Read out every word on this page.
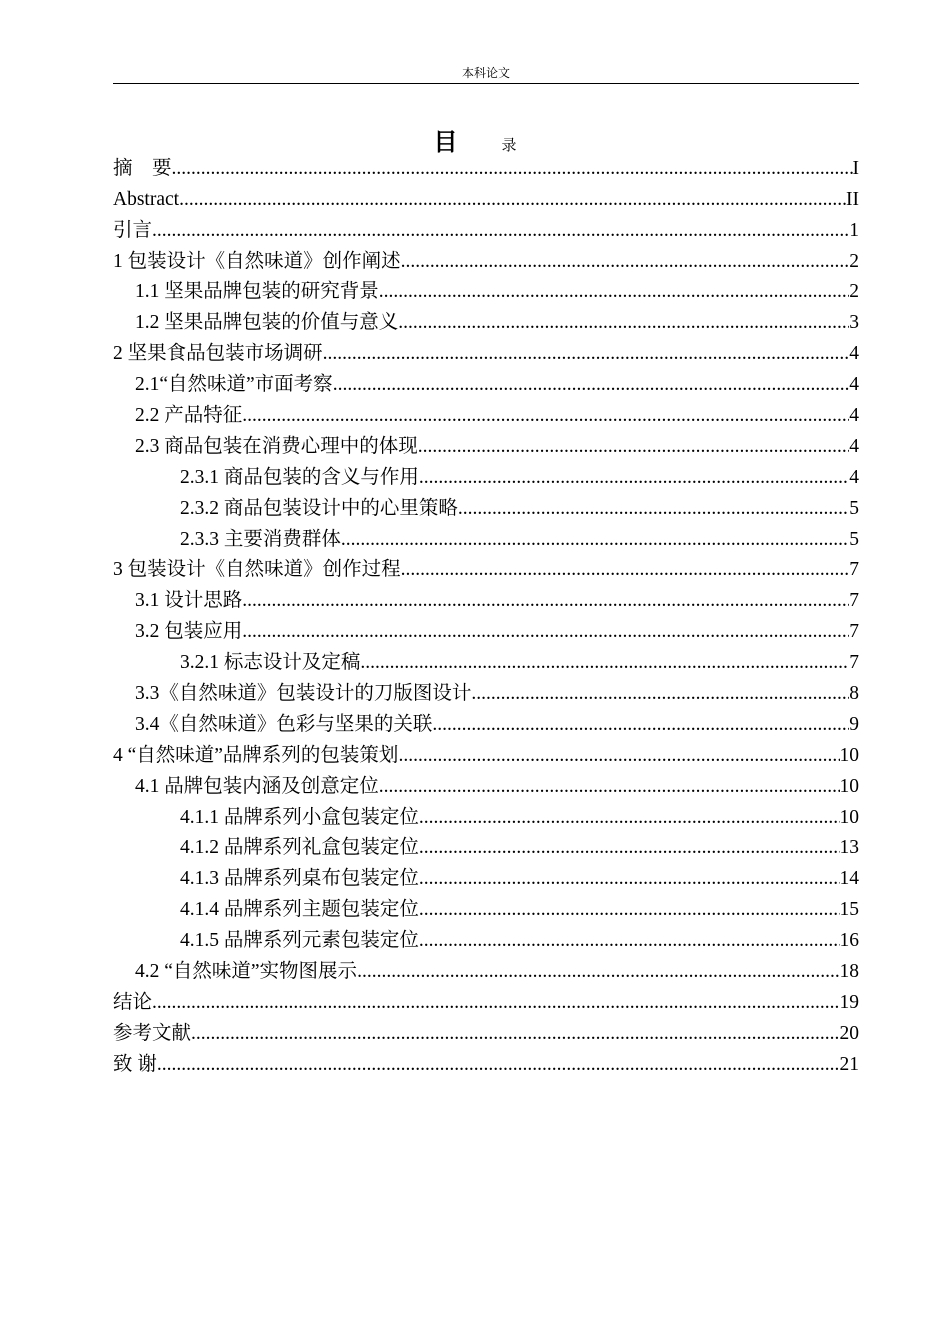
本科论文
目	录
摘　要 .....	I
Abstract .....	II
引言 .....	1
1 包装设计《自然味道》创作阐述 .....	2
1.1 坚果品牌包装的研究背景 .....	2
1.2 坚果品牌包装的价值与意义 .....	3
2 坚果食品包装市场调研 .....	4
2.1“自然味道”市面考察 .....	4
2.2 产品特征 .....	4
2.3 商品包装在消费心理中的体现 .....	4
2.3.1 商品包装的含义与作用 .....	4
2.3.2 商品包装设计中的心里策略 .....	5
2.3.3 主要消费群体 .....	5
3 包装设计《自然味道》创作过程 .....	7
3.1 设计思路 .....	7
3.2 包装应用 .....	7
3.2.1 标志设计及定稿 .....	7
3.3《自然味道》包装设计的刀版图设计 .....	8
3.4《自然味道》色彩与坚果的关联 .....	9
4 “自然味道”品牌系列的包装策划 .....	10
4.1 品牌包装内涵及创意定位 .....	10
4.1.1 品牌系列小盒包装定位 .....	10
4.1.2 品牌系列礼盒包装定位 .....	13
4.1.3 品牌系列桌布包装定位 .....	14
4.1.4 品牌系列主题包装定位 .....	15
4.1.5 品牌系列元素包装定位 .....	16
4.2 “自然味道”实物图展示 .....	18
结论 .....	19
参考文献 .....	20
致 谢 .....	21
